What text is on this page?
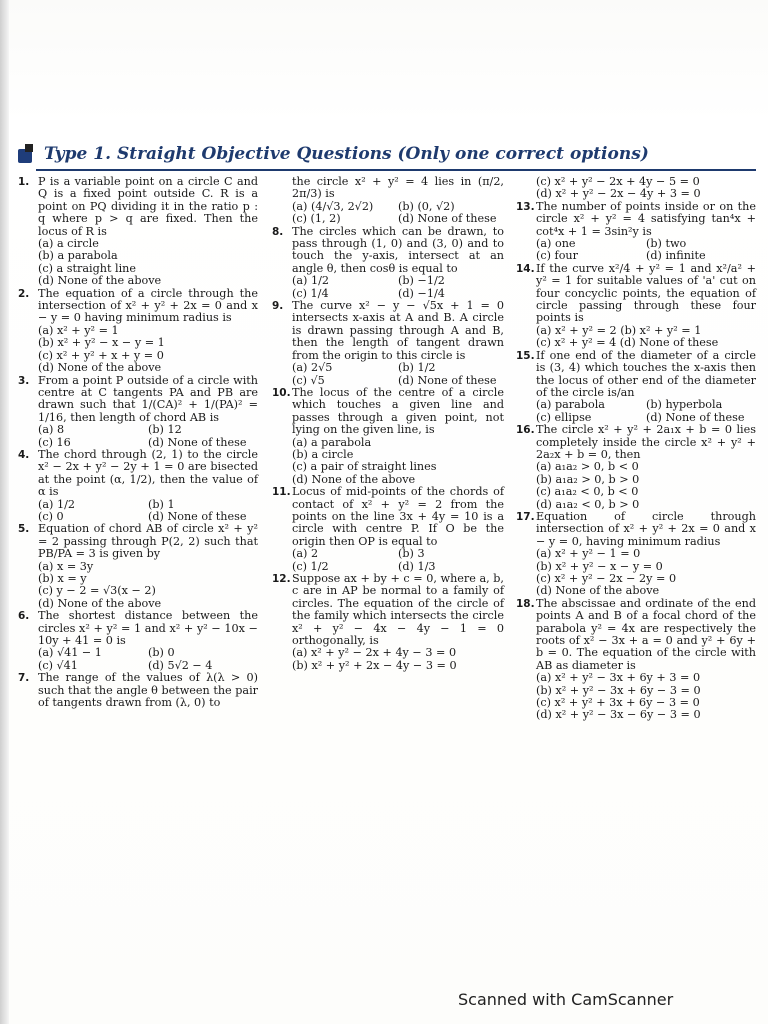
Type 1. Straight Objective Questions (Only one correct options)
1. P is a variable point on a circle C and Q is a fixed point outside C. R is a point on PQ dividing it in the ratio p : q where p > q are fixed. Then the locus of R is
(a) a circle
(b) a parabola
(c) a straight line
(d) None of the above
2. The equation of a circle through the intersection of x² + y² + 2x = 0 and x − y = 0 having minimum radius is
(a) x² + y² = 1
(b) x² + y² − x − y = 1
(c) x² + y² + x + y = 0
(d) None of the above
3. From a point P outside of a circle with centre at C tangents PA and PB are drawn such that 1/(CA)² + 1/(PA)² = 1/16, then length of chord AB is
(a) 8	(b) 12
(c) 16	(d) None of these
4. The chord through (2, 1) to the circle x² − 2x + y² − 2y + 1 = 0 are bisected at the point (α, 1/2), then the value of α is
(a) 1/2	(b) 1
(c) 0	(d) None of these
5. Equation of chord AB of circle x² + y² = 2 passing through P(2, 2) such that PB/PA = 3 is given by
(a) x = 3y
(b) x = y
(c) y − 2 = √3(x − 2)
(d) None of the above
6. The shortest distance between the circles x² + y² = 1 and x² + y² − 10x − 10y + 41 = 0 is
(a) √41 − 1	(b) 0
(c) √41	(d) 5√2 − 4
7. The range of the values of λ(λ > 0) such that the angle θ between the pair of tangents drawn from (λ, 0) to
the circle x² + y² = 4 lies in (π/2, 2π/3) is
(a) (4/√3, 2√2)	(b) (0, √2)
(c) (1, 2)	(d) None of these
8. The circles which can be drawn, to pass through (1, 0) and (3, 0) and to touch the y-axis, intersect at an angle θ, then cosθ is equal to
(a) 1/2	(b) −1/2
(c) 1/4	(d) −1/4
9. The curve x² − y − √5x + 1 = 0 intersects x-axis at A and B. A circle is drawn passing through A and B, then the length of tangent drawn from the origin to this circle is
(a) 2√5	(b) 1/2
(c) √5	(d) None of these
10. The locus of the centre of a circle which touches a given line and passes through a given point, not lying on the given line, is
(a) a parabola
(b) a circle
(c) a pair of straight lines
(d) None of the above
11. Locus of mid-points of the chords of contact of x² + y² = 2 from the points on the line 3x + 4y = 10 is a circle with centre P. If O be the origin then OP is equal to
(a) 2	(b) 3
(c) 1/2	(d) 1/3
12. Suppose ax + by + c = 0, where a, b, c are in AP be normal to a family of circles. The equation of the circle of the family which intersects the circle x² + y² − 4x − 4y − 1 = 0 orthogonally, is
(a) x² + y² − 2x + 4y − 3 = 0
(b) x² + y² + 2x − 4y − 3 = 0
(c) x² + y² − 2x + 4y − 5 = 0
(d) x² + y² − 2x − 4y + 3 = 0
13. The number of points inside or on the circle x² + y² = 4 satisfying tan⁴x + cot⁴x + 1 = 3sin²y is
(a) one	(b) two
(c) four	(d) infinite
14. If the curve x²/4 + y² = 1 and x²/a² + y² = 1 for suitable values of 'a' cut on four concyclic points, the equation of circle passing through these four points is
(a) x² + y² = 2 (b) x² + y² = 1
(c) x² + y² = 4 (d) None of these
15. If one end of the diameter of a circle is (3, 4) which touches the x-axis then the locus of other end of the diameter of the circle is/an
(a) parabola	(b) hyperbola
(c) ellipse	(d) None of these
16. The circle x² + y² + 2a₁x + b = 0 lies completely inside the circle x² + y² + 2a₂x + b = 0, then
(a) a₁a₂ > 0, b < 0
(b) a₁a₂ > 0, b > 0
(c) a₁a₂ < 0, b < 0
(d) a₁a₂ < 0, b > 0
17. Equation of circle through intersection of x² + y² + 2x = 0 and x − y = 0, having minimum radius
(a) x² + y² − 1 = 0
(b) x² + y² − x − y = 0
(c) x² + y² − 2x − 2y = 0
(d) None of the above
18. The abscissae and ordinate of the end points A and B of a focal chord of the parabola y² = 4x are respectively the roots of x² − 3x + a = 0 and y² + 6y + b = 0. The equation of the circle with AB as diameter is
(a) x² + y² − 3x + 6y + 3 = 0
(b) x² + y² − 3x + 6y − 3 = 0
(c) x² + y² + 3x + 6y − 3 = 0
(d) x² + y² − 3x − 6y − 3 = 0
Scanned with CamScanner
